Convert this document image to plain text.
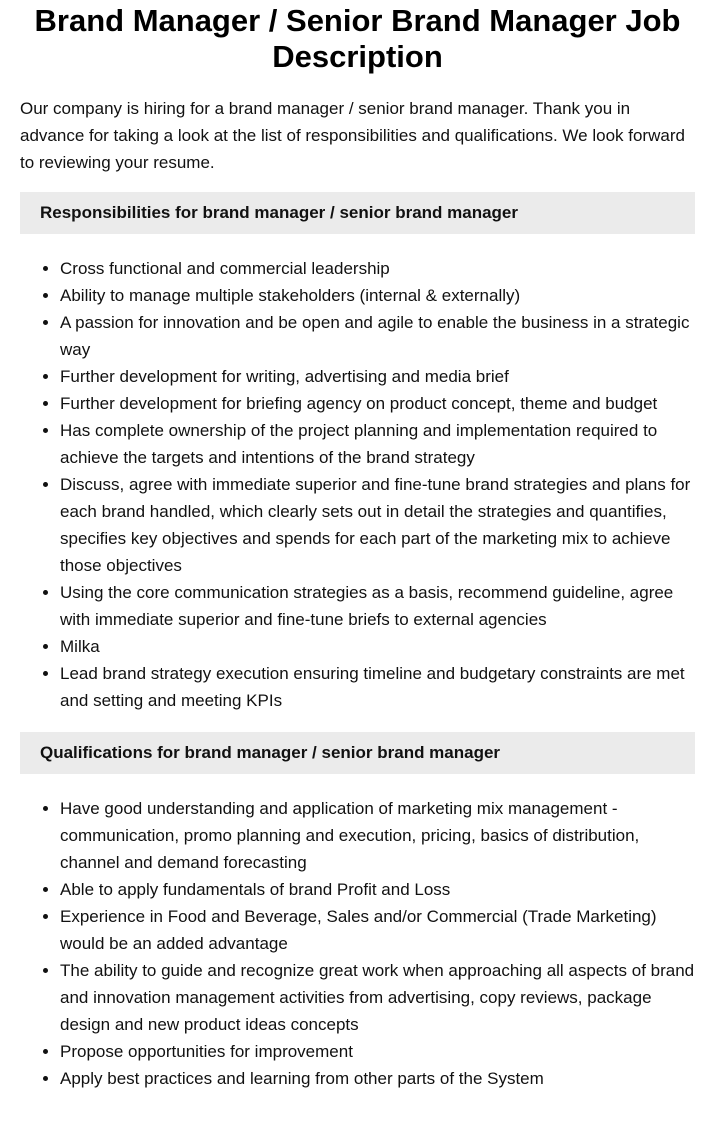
Brand Manager / Senior Brand Manager Job Description

Our company is hiring for a brand manager / senior brand manager. Thank you in advance for taking a look at the list of responsibilities and qualifications. We look forward to reviewing your resume.

Responsibilities for brand manager / senior brand manager
• Cross functional and commercial leadership
• Ability to manage multiple stakeholders (internal & externally)
• A passion for innovation and be open and agile to enable the business in a strategic way
• Further development for writing, advertising and media brief
• Further development for briefing agency on product concept, theme and budget
• Has complete ownership of the project planning and implementation required to achieve the targets and intentions of the brand strategy
• Discuss, agree with immediate superior and fine-tune brand strategies and plans for each brand handled, which clearly sets out in detail the strategies and quantifies, specifies key objectives and spends for each part of the marketing mix to achieve those objectives
• Using the core communication strategies as a basis, recommend guideline, agree with immediate superior and fine-tune briefs to external agencies
• Milka
• Lead brand strategy execution ensuring timeline and budgetary constraints are met and setting and meeting KPIs
Qualifications for brand manager / senior brand manager
• Have good understanding and application of marketing mix management - communication, promo planning and execution, pricing, basics of distribution, channel and demand forecasting
• Able to apply fundamentals of brand Profit and Loss
• Experience in Food and Beverage, Sales and/or Commercial (Trade Marketing) would be an added advantage
• The ability to guide and recognize great work when approaching all aspects of brand and innovation management activities from advertising, copy reviews, package design and new product ideas concepts
• Propose opportunities for improvement
• Apply best practices and learning from other parts of the System
